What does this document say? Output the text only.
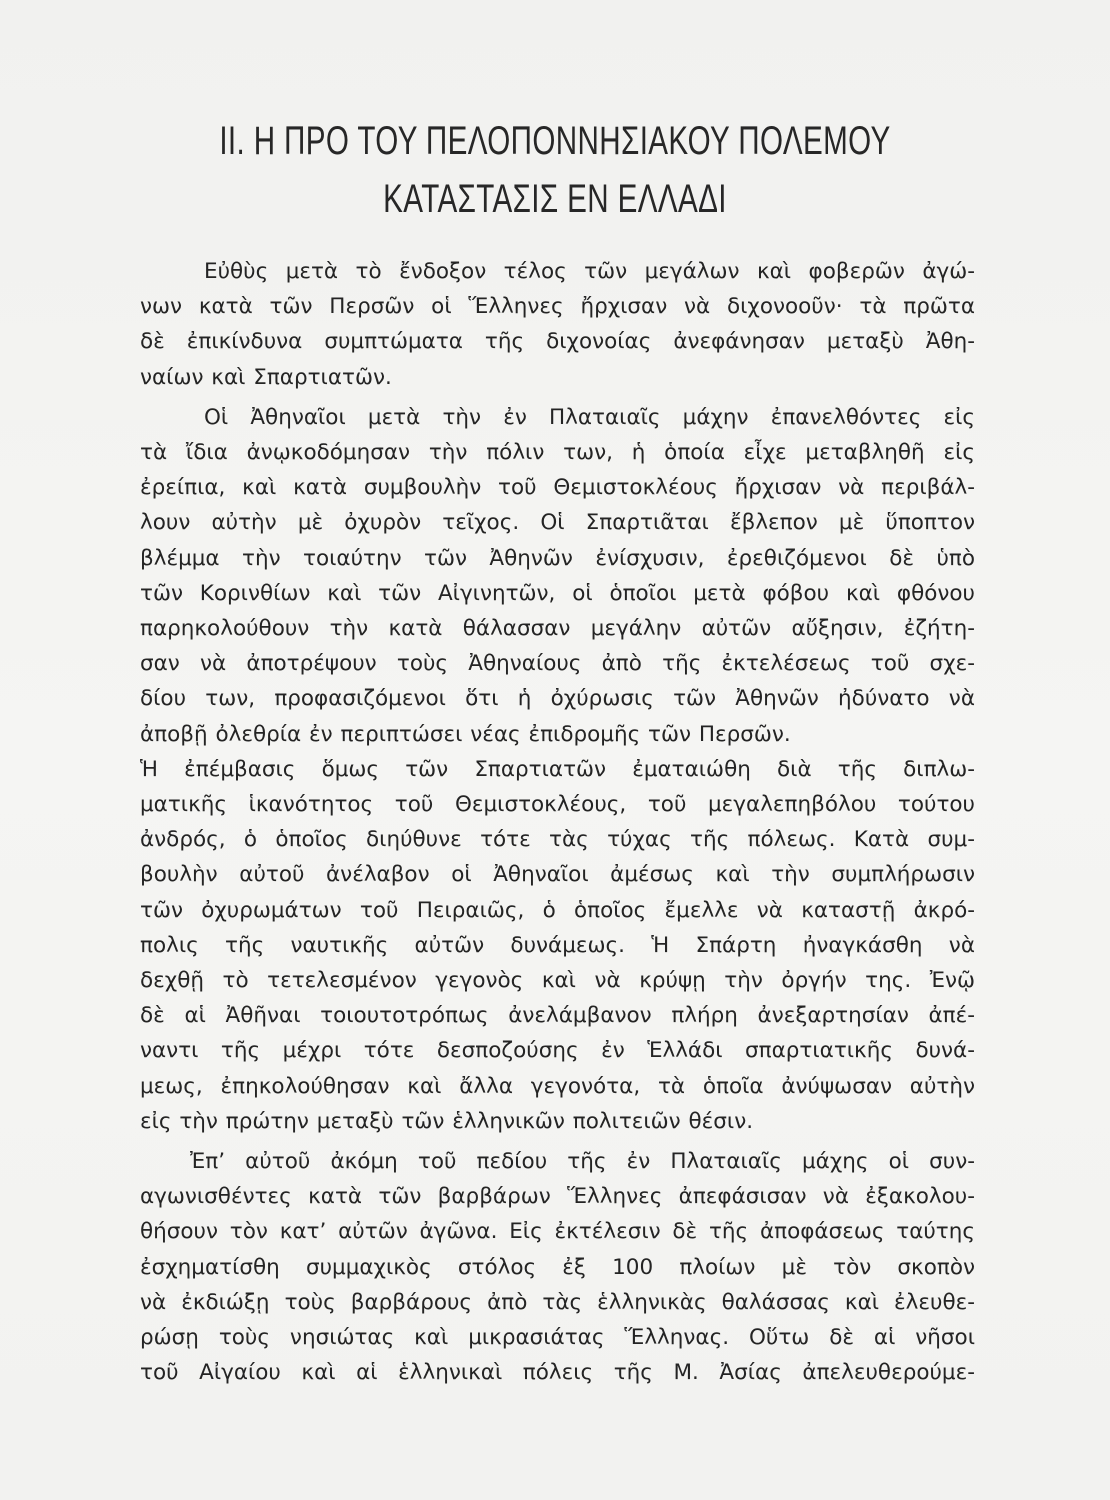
II. Η ΠΡΟ ΤΟΥ ΠΕΛΟΠΟΝΝΗΣΙΑΚΟΥ ΠΟΛΕΜΟΥ
ΚΑΤΑΣΤΑΣΙΣ ΕΝ ΕΛΛΑΔΙ
Εὐθὺς μετὰ τὸ ἔνδοξον τέλος τῶν μεγάλων καὶ φοβερῶν ἀγώ-
νων κατὰ τῶν Περσῶν οἱ Ἕλληνες ἤρχισαν νὰ διχονοοῦν· τὰ πρῶτα
δὲ ἐπικίνδυνα συμπτώματα τῆς διχονοίας ἀνεφάνησαν μεταξὺ Ἀθη-
ναίων καὶ Σπαρτιατῶν.
Οἱ Ἀθηναῖοι μετὰ τὴν ἐν Πλαταιαῖς μάχην ἐπανελθόντες εἰς
τὰ ἴδια ἀνῳκοδόμησαν τὴν πόλιν των, ἡ ὁποία εἶχε μεταβληθῆ εἰς
ἐρείπια, καὶ κατὰ συμβουλὴν τοῦ Θεμιστοκλέους ἤρχισαν νὰ περιβάλ-
λουν αὐτὴν μὲ ὀχυρὸν τεῖχος. Οἱ Σπαρτιᾶται ἔβλεπον μὲ ὕποπτον
βλέμμα τὴν τοιαύτην τῶν Ἀθηνῶν ἐνίσχυσιν, ἐρεθιζόμενοι δὲ ὑπὸ
τῶν Κορινθίων καὶ τῶν Αἰγινητῶν, οἱ ὁποῖοι μετὰ φόβου καὶ φθόνου
παρηκολούθουν τὴν κατὰ θάλασσαν μεγάλην αὐτῶν αὔξησιν, ἐζήτη-
σαν νὰ ἀποτρέψουν τοὺς Ἀθηναίους ἀπὸ τῆς ἐκτελέσεως τοῦ σχε-
δίου των, προφασιζόμενοι ὅτι ἡ ὀχύρωσις τῶν Ἀθηνῶν ἠδύνατο νὰ
ἀποβῇ ὀλεθρία ἐν περιπτώσει νέας ἐπιδρομῆς τῶν Περσῶν.
Ἡ ἐπέμβασις ὅμως τῶν Σπαρτιατῶν ἐματαιώθη διὰ τῆς διπλω-
ματικῆς ἱκανότητος τοῦ Θεμιστοκλέους, τοῦ μεγαλεπηβόλου τούτου
ἀνδρός, ὁ ὁποῖος διηύθυνε τότε τὰς τύχας τῆς πόλεως. Κατὰ συμ-
βουλὴν αὐτοῦ ἀνέλαβον οἱ Ἀθηναῖοι ἀμέσως καὶ τὴν συμπλήρωσιν
τῶν ὀχυρωμάτων τοῦ Πειραιῶς, ὁ ὁποῖος ἔμελλε νὰ καταστῇ ἀκρό-
πολις τῆς ναυτικῆς αὐτῶν δυνάμεως. Ἡ Σπάρτη ἠναγκάσθη νὰ
δεχθῇ τὸ τετελεσμένον γεγονὸς καὶ νὰ κρύψῃ τὴν ὀργήν της. Ἐνῷ
δὲ αἱ Ἀθῆναι τοιουτοτρόπως ἀνελάμβανον πλήρη ἀνεξαρτησίαν ἀπέ-
ναντι τῆς μέχρι τότε δεσποζούσης ἐν Ἑλλάδι σπαρτιατικῆς δυνά-
μεως, ἐπηκολούθησαν καὶ ἄλλα γεγονότα, τὰ ὁποῖα ἀνύψωσαν αὐτὴν
εἰς τὴν πρώτην μεταξὺ τῶν ἑλληνικῶν πολιτειῶν θέσιν.
Ἐπ’ αὐτοῦ ἀκόμη τοῦ πεδίου τῆς ἐν Πλαταιαῖς μάχης οἱ συν-
αγωνισθέντες κατὰ τῶν βαρβάρων Ἕλληνες ἀπεφάσισαν νὰ ἐξακολου-
θήσουν τὸν κατ’ αὐτῶν ἀγῶνα. Εἰς ἐκτέλεσιν δὲ τῆς ἀποφάσεως ταύτης
ἐσχηματίσθη συμμαχικὸς στόλος ἐξ 100 πλοίων μὲ τὸν σκοπὸν
νὰ ἐκδιώξῃ τοὺς βαρβάρους ἀπὸ τὰς ἑλληνικὰς θαλάσσας καὶ ἐλευθε-
ρώσῃ τοὺς νησιώτας καὶ μικρασιάτας Ἕλληνας. Οὕτω δὲ αἱ νῆσοι
τοῦ Αἰγαίου καὶ αἱ ἑλληνικαὶ πόλεις τῆς Μ. Ἀσίας ἀπελευθερούμε-
